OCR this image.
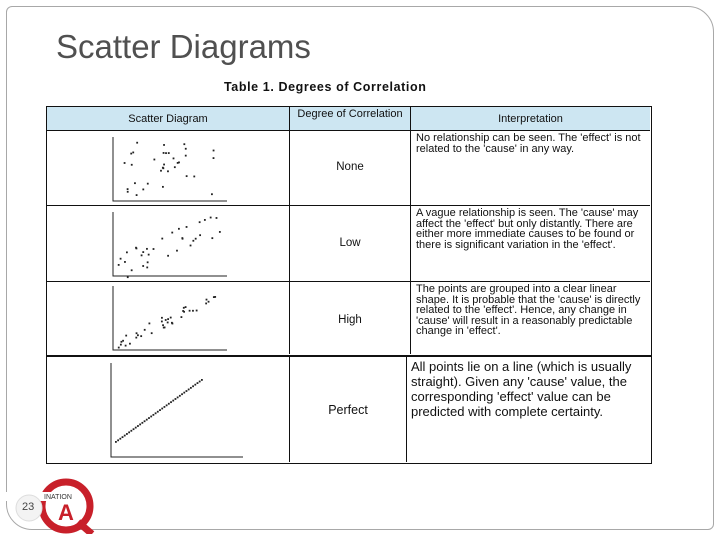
Scatter Diagrams
Table 1. Degrees of Correlation
Scatter Diagram	Degree of Correlation	Interpretation
None
No relationship can be seen. The 'effect' is not related to the 'cause' in any way.
Low
A vague relationship is seen. The 'cause' may affect the 'effect' but only distantly. There are either more immediate causes to be found or there is significant variation in the 'effect'.
High
The points are grouped into a clear linear shape. It is probable that the 'cause' is directly related to the 'effect'. Hence, any change in 'cause' will result in a reasonably predictable change in 'effect'.
Perfect
All points lie on a line (which is usually straight). Given any 'cause' value, the corresponding 'effect' value can be predicted with complete certainty.
INATION
A
23
